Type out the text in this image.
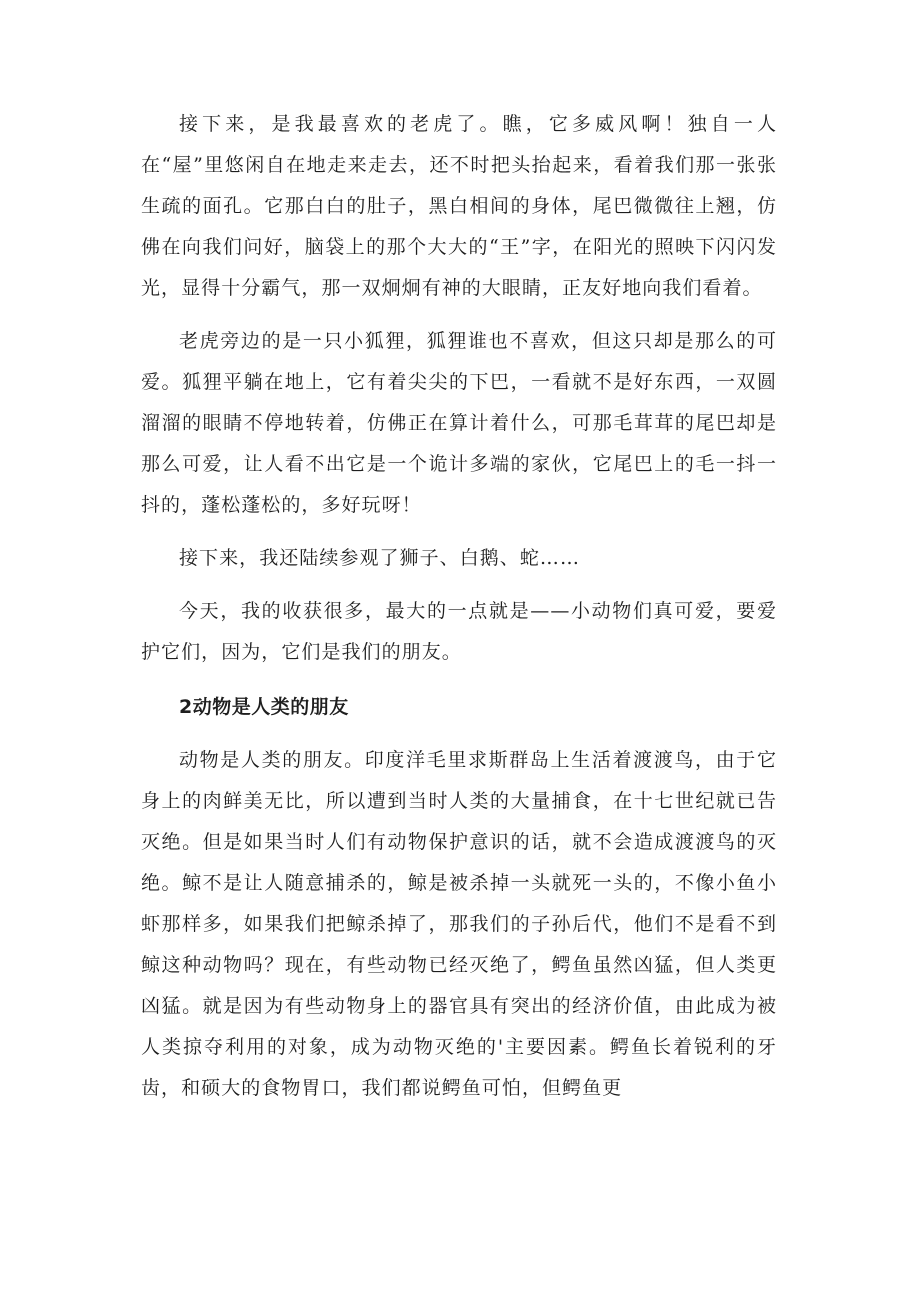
接下来，是我最喜欢的老虎了。瞧，它多威风啊！独自一人在“屋”里悠闲自在地走来走去，还不时把头抬起来，看着我们那一张张生疏的面孔。它那白白的肚子，黑白相间的身体，尾巴微微往上翘，仿佛在向我们问好，脑袋上的那个大大的“王”字，在阳光的照映下闪闪发光，显得十分霸气，那一双炯炯有神的大眼睛，正友好地向我们看着。

老虎旁边的是一只小狐狸，狐狸谁也不喜欢，但这只却是那么的可爱。狐狸平躺在地上，它有着尖尖的下巴，一看就不是好东西，一双圆溜溜的眼睛不停地转着，仿佛正在算计着什么，可那毛茸茸的尾巴却是那么可爱，让人看不出它是一个诡计多端的家伙，它尾巴上的毛一抖一抖的，蓬松蓬松的，多好玩呀！

接下来，我还陆续参观了狮子、白鹅、蛇……

今天，我的收获很多，最大的一点就是——小动物们真可爱，要爱护它们，因为，它们是我们的朋友。

2动物是人类的朋友

动物是人类的朋友。印度洋毛里求斯群岛上生活着渡渡鸟，由于它身上的肉鲜美无比，所以遭到当时人类的大量捕食，在十七世纪就已告灭绝。但是如果当时人们有动物保护意识的话，就不会造成渡渡鸟的灭绝。鲸不是让人随意捕杀的，鲸是被杀掉一头就死一头的，不像小鱼小虾那样多，如果我们把鲸杀掉了，那我们的子孙后代，他们不是看不到鲸这种动物吗？现在，有些动物已经灭绝了，鳄鱼虽然凶猛，但人类更凶猛。就是因为有些动物身上的器官具有突出的经济价值，由此成为被人类掠夺利用的对象，成为动物灭绝的'主要因素。鳄鱼长着锐利的牙齿，和硕大的食物胃口，我们都说鳄鱼可怕，但鳄鱼更
